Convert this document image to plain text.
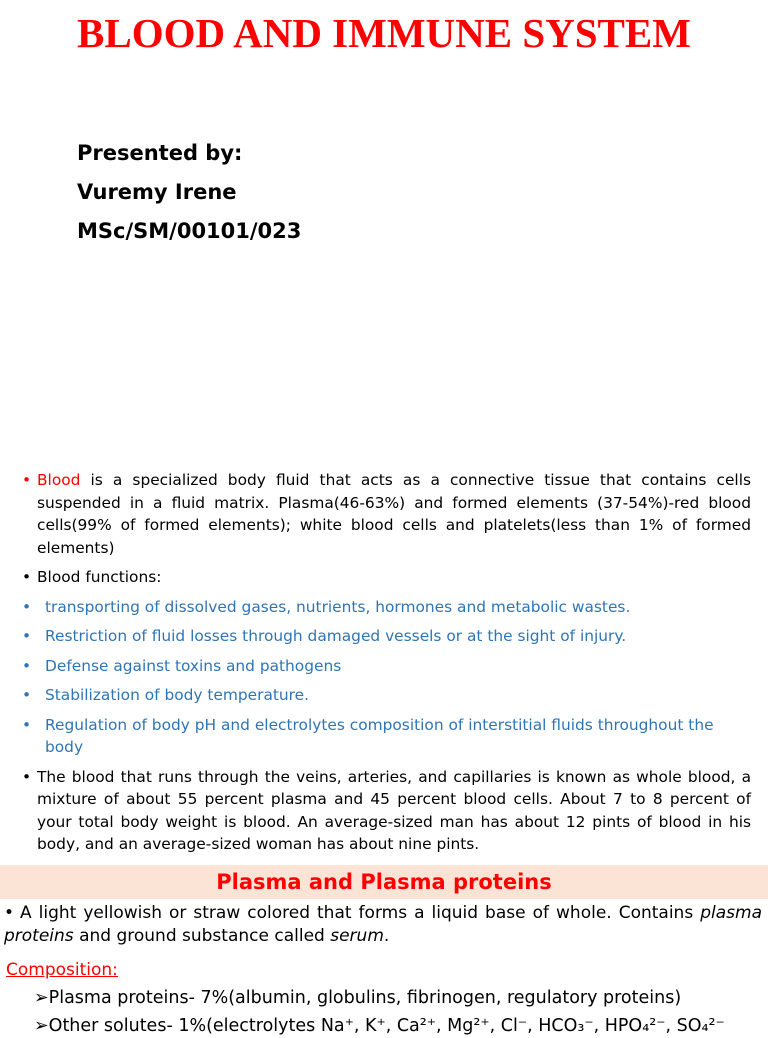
BLOOD AND IMMUNE SYSTEM
Presented by:
Vuremy Irene
MSc/SM/00101/023
• Blood is a specialized body fluid that acts as a connective tissue that contains cells suspended in a fluid matrix. Plasma(46-63%) and formed elements (37-54%)-red blood cells(99% of formed elements); white blood cells and platelets(less than 1% of formed elements)
• Blood functions:
• transporting of dissolved gases, nutrients, hormones and metabolic wastes.
• Restriction of fluid losses through damaged vessels or at the sight of injury.
• Defense against toxins and pathogens
• Stabilization of body temperature.
• Regulation of body pH and electrolytes composition of interstitial fluids throughout the body
• The blood that runs through the veins, arteries, and capillaries is known as whole blood, a mixture of about 55 percent plasma and 45 percent blood cells. About 7 to 8 percent of your total body weight is blood. An average-sized man has about 12 pints of blood in his body, and an average-sized woman has about nine pints.
Plasma and Plasma proteins
• A light yellowish or straw colored that forms a liquid base of whole. Contains plasma proteins and ground substance called serum.
Composition:
➢Plasma proteins- 7%(albumin, globulins, fibrinogen, regulatory proteins)
➢Other solutes- 1%(electrolytes Na⁺, K⁺, Ca²⁺, Mg²⁺, Cl⁻, HCO₃⁻, HPO₄²⁻, SO₄²⁻
